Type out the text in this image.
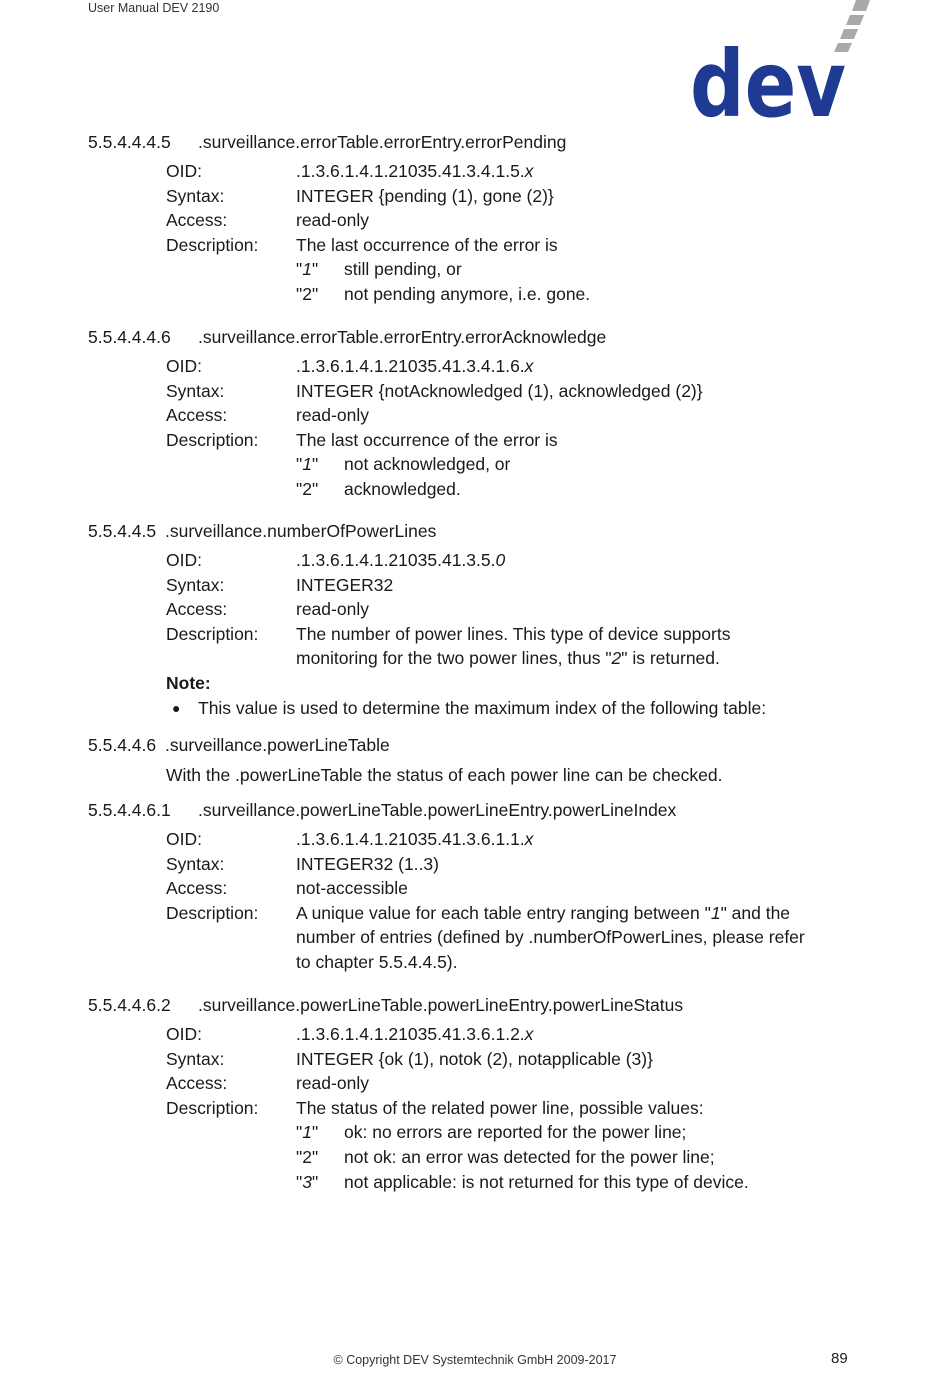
User Manual DEV 2190
dev
5.5.4.4.4.5 .surveillance.errorTable.errorEntry.errorPending
OID:	.1.3.6.1.4.1.21035.41.3.4.1.5.x
Syntax:	INTEGER {pending (1), gone (2)}
Access:	read-only
Description: The last occurrence of the error is
"1" still pending, or
"2" not pending anymore, i.e. gone.
5.5.4.4.4.6 .surveillance.errorTable.errorEntry.errorAcknowledge
OID:	.1.3.6.1.4.1.21035.41.3.4.1.6.x
Syntax:	INTEGER {notAcknowledged (1), acknowledged (2)}
Access:	read-only
Description: The last occurrence of the error is
"1" not acknowledged, or
"2" acknowledged.
5.5.4.4.5 .surveillance.numberOfPowerLines
OID:	.1.3.6.1.4.1.21035.41.3.5.0
Syntax:	INTEGER32
Access:	read-only
Description: The number of power lines. This type of device supports
monitoring for the two power lines, thus "2" is returned.
Note:
● This value is used to determine the maximum index of the following table:
5.5.4.4.6 .surveillance.powerLineTable
With the .powerLineTable the status of each power line can be checked.
5.5.4.4.6.1 .surveillance.powerLineTable.powerLineEntry.powerLineIndex
OID:	.1.3.6.1.4.1.21035.41.3.6.1.1.x
Syntax:	INTEGER32 (1..3)
Access:	not-accessible
Description: A unique value for each table entry ranging between "1" and the
number of entries (defined by .numberOfPowerLines, please refer
to chapter 5.5.4.4.5).
5.5.4.4.6.2 .surveillance.powerLineTable.powerLineEntry.powerLineStatus
OID:	.1.3.6.1.4.1.21035.41.3.6.1.2.x
Syntax:	INTEGER {ok (1), notok (2), notapplicable (3)}
Access:	read-only
Description: The status of the related power line, possible values:
"1" ok: no errors are reported for the power line;
"2" not ok: an error was detected for the power line;
"3" not applicable: is not returned for this type of device.
© Copyright DEV Systemtechnik GmbH 2009-2017	89
